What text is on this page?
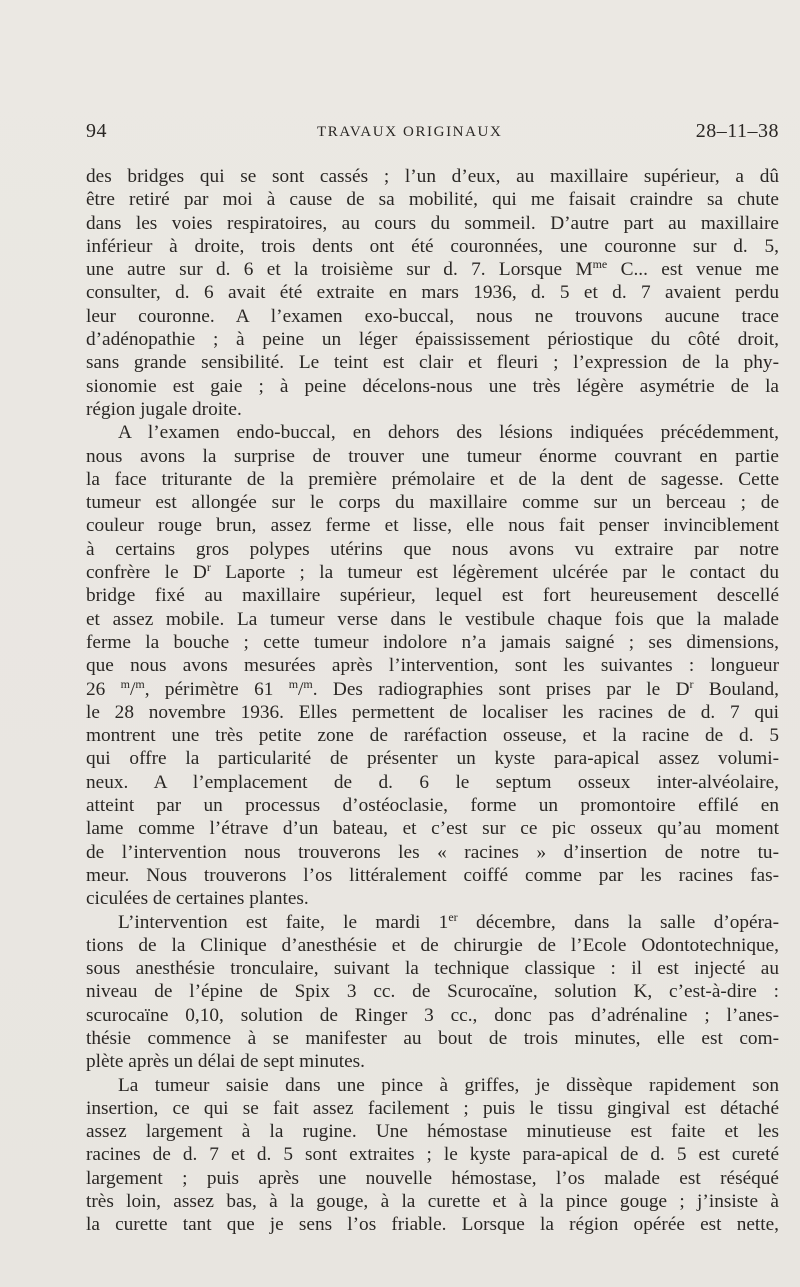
94	TRAVAUX ORIGINAUX	28–11–38

des bridges qui se sont cassés ; l’un d’eux, au maxillaire supérieur, a dû

être retiré par moi à cause de sa mobilité, qui me faisait craindre sa chute

dans les voies respiratoires, au cours du sommeil. D’autre part au maxillaire

inférieur à droite, trois dents ont été couronnées, une couronne sur d. 5,

une autre sur d. 6 et la troisième sur d. 7. Lorsque $M^{me}$ C... est venue me

consulter, d. 6 avait été extraite en mars 1936, d. 5 et d. 7 avaient perdu

leur couronne. A l’examen exo-buccal, nous ne trouvons aucune trace

d’adénopathie ; à peine un léger épaississement périostique du côté droit,

sans grande sensibilité. Le teint est clair et fleuri ; l’expression de la phy-

sionomie est gaie ; à peine décelons-nous une très légère asymétrie de la

région jugale droite.

A l’examen endo-buccal, en dehors des lésions indiquées précédemment,

nous avons la surprise de trouver une tumeur énorme couvrant en partie

la face triturante de la première prémolaire et de la dent de sagesse. Cette

tumeur est allongée sur le corps du maxillaire comme sur un berceau ; de

couleur rouge brun, assez ferme et lisse, elle nous fait penser invinciblement

à certains gros polypes utérins que nous avons vu extraire par notre

confrère le $D^r$ Laporte ; la tumeur est légèrement ulcérée par le contact du

bridge fixé au maxillaire supérieur, lequel est fort heureusement descellé

et assez mobile. La tumeur verse dans le vestibule chaque fois que la malade

ferme la bouche ; cette tumeur indolore n’a jamais saigné ; ses dimensions,

que nous avons mesurées après l’intervention, sont les suivantes : longueur

26 $^m$/$^m$, périmètre 61 $^m$/$^m$. Des radiographies sont prises par le $D^r$ Bouland,

le 28 novembre 1936. Elles permettent de localiser les racines de d. 7 qui

montrent une très petite zone de raréfaction osseuse, et la racine de d. 5

qui offre la particularité de présenter un kyste para-apical assez volumi-

neux. A l’emplacement de d. 6 le septum osseux inter-alvéolaire,

atteint par un processus d’ostéoclasie, forme un promontoire effilé en

lame comme l’étrave d’un bateau, et c’est sur ce pic osseux qu’au moment

de l’intervention nous trouverons les « racines » d’insertion de notre tu-

meur. Nous trouverons l’os littéralement coiffé comme par les racines fas-

ciculées de certaines plantes.

L’intervention est faite, le mardi 1er décembre, dans la salle d’opéra-

tions de la Clinique d’anesthésie et de chirurgie de l’Ecole Odontotechnique,

sous anesthésie tronculaire, suivant la technique classique : il est injecté au

niveau de l’épine de Spix 3 cc. de Scurocaïne, solution K, c’est-à-dire :

scurocaïne 0,10, solution de Ringer 3 cc., donc pas d’adrénaline ; l’anes-

thésie commence à se manifester au bout de trois minutes, elle est com-

plète après un délai de sept minutes.

La tumeur saisie dans une pince à griffes, je dissèque rapidement son

insertion, ce qui se fait assez facilement ; puis le tissu gingival est détaché

assez largement à la rugine. Une hémostase minutieuse est faite et les

racines de d. 7 et d. 5 sont extraites ; le kyste para-apical de d. 5 est cureté

largement ; puis après une nouvelle hémostase, l’os malade est réséqué

très loin, assez bas, à la gouge, à la curette et à la pince gouge ; j’insiste à

la curette tant que je sens l’os friable. Lorsque la région opérée est nette,
